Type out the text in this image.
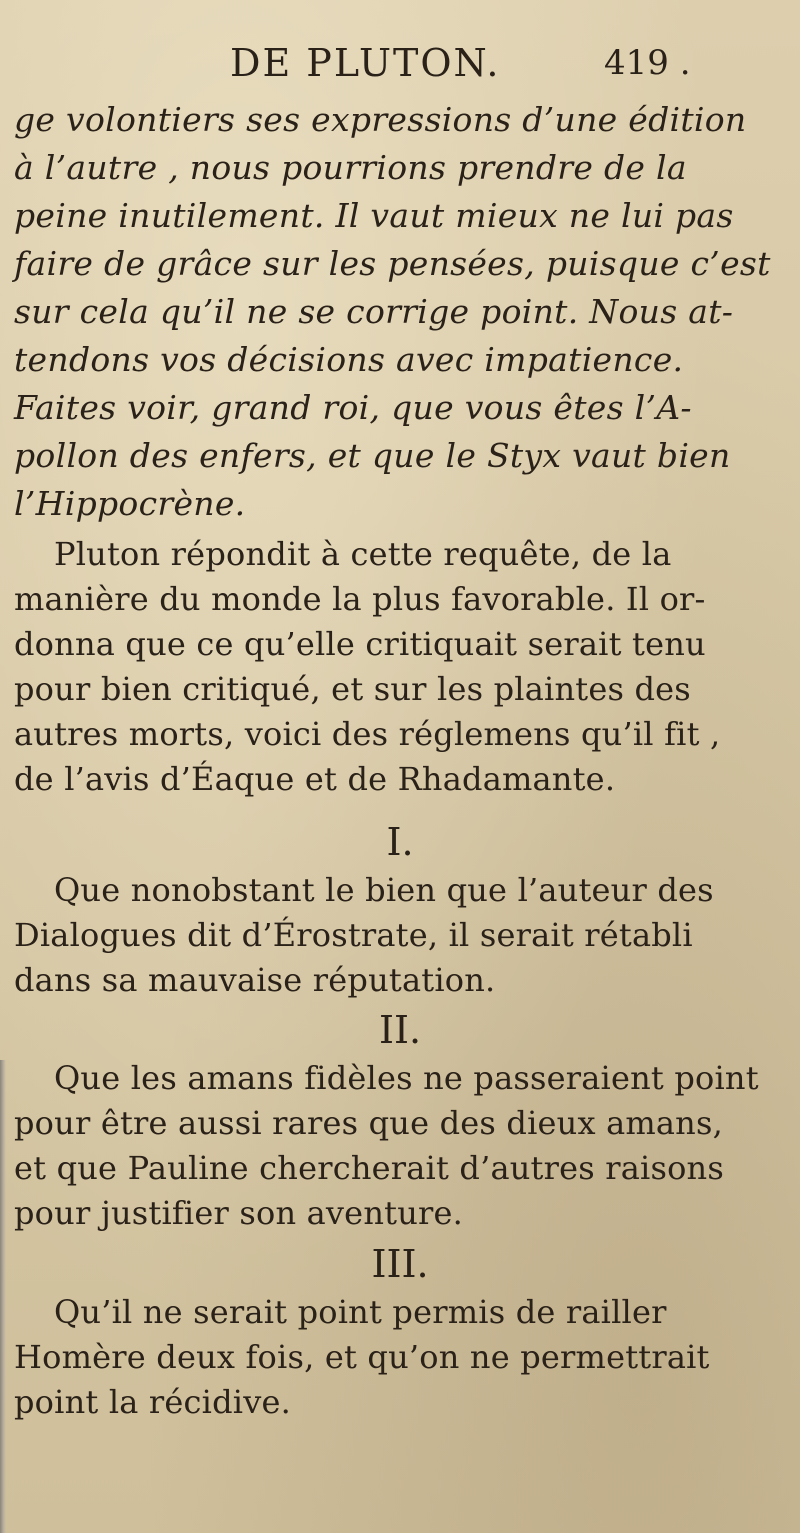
DE PLUTON.	419 .
ge volontiers ses expressions d’une édition
à l’autre , nous pourrions prendre de la
peine inutilement. Il vaut mieux ne lui pas
faire de grâce sur les pensées, puisque c’est
sur cela qu’il ne se corrige point. Nous at-
tendons vos décisions avec impatience.
Faites voir, grand roi, que vous êtes l’A-
pollon des enfers, et que le Styx vaut bien
l’Hippocrène.
Pluton répondit à cette requête, de la
manière du monde la plus favorable. Il or-
donna que ce qu’elle critiquait serait tenu
pour bien critiqué, et sur les plaintes des
autres morts, voici des réglemens qu’il fit ,
de l’avis d’Éaque et de Rhadamante.
I.
Que nonobstant le bien que l’auteur des
Dialogues dit d’Érostrate, il serait rétabli
dans sa mauvaise réputation.
II.
Que les amans fidèles ne passeraient point
pour être aussi rares que des dieux amans,
et que Pauline chercherait d’autres raisons
pour justifier son aventure.
III.
Qu’il ne serait point permis de railler
Homère deux fois, et qu’on ne permettrait
point la récidive.
